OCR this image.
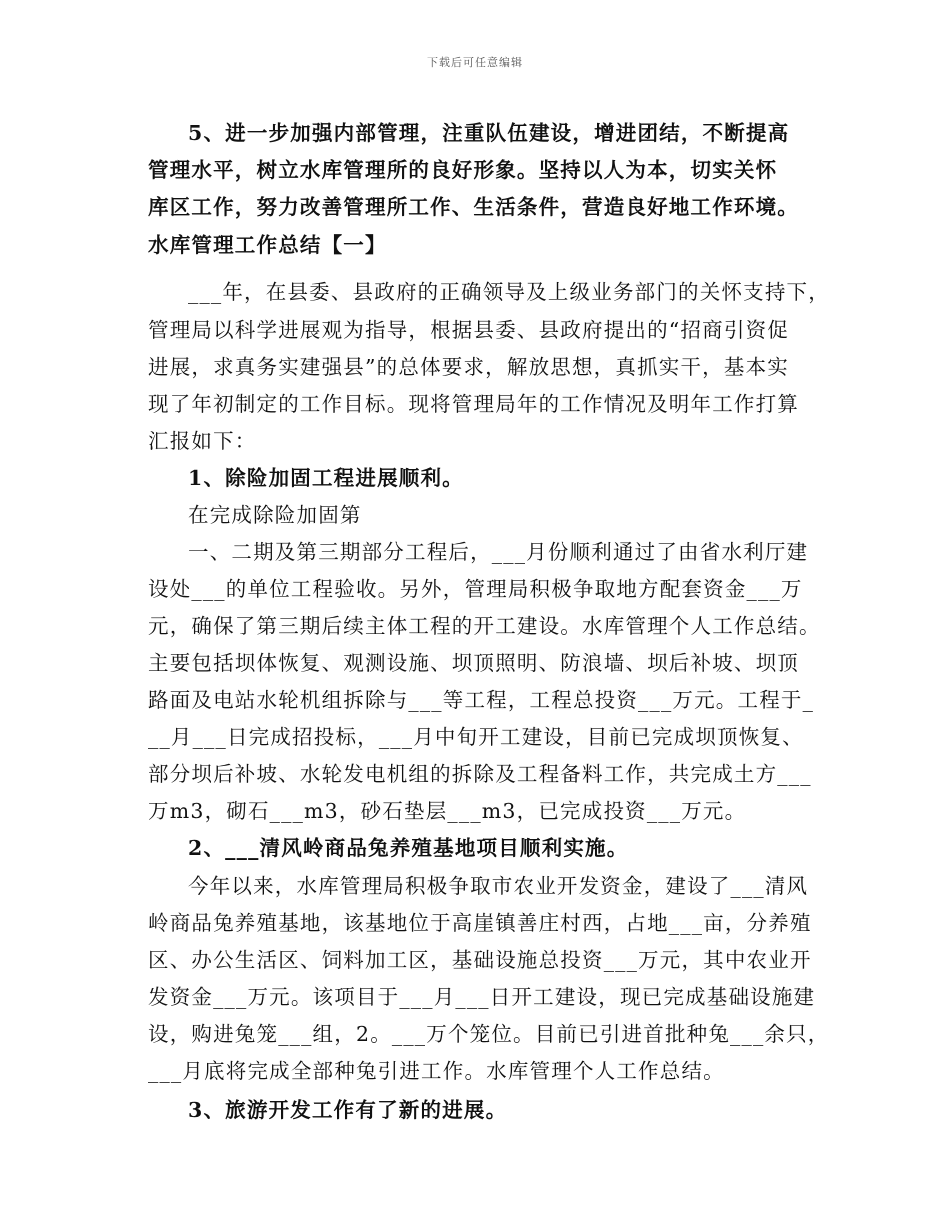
下载后可任意编辑
5、进一步加强内部管理，注重队伍建设，增进团结，不断提高
管理水平，树立水库管理所的良好形象。坚持以人为本，切实关怀
库区工作，努力改善管理所工作、生活条件，营造良好地工作环境。
水库管理工作总结【一】
___年，在县委、县政府的正确领导及上级业务部门的关怀支持下，
管理局以科学进展观为指导，根据县委、县政府提出的“招商引资促
进展，求真务实建强县”的总体要求，解放思想，真抓实干，基本实
现了年初制定的工作目标。现将管理局年的工作情况及明年工作打算
汇报如下：
1、除险加固工程进展顺利。
在完成除险加固第
一、二期及第三期部分工程后，___月份顺利通过了由省水利厅建
设处___的单位工程验收。另外，管理局积极争取地方配套资金___万
元，确保了第三期后续主体工程的开工建设。水库管理个人工作总结。
主要包括坝体恢复、观测设施、坝顶照明、防浪墙、坝后补坡、坝顶
路面及电站水轮机组拆除与___等工程，工程总投资___万元。工程于_
__月___日完成招投标，___月中旬开工建设，目前已完成坝顶恢复、
部分坝后补坡、水轮发电机组的拆除及工程备料工作，共完成土方___
万m3，砌石___m3，砂石垫层___m3，已完成投资___万元。
2、___清风岭商品兔养殖基地项目顺利实施。
今年以来，水库管理局积极争取市农业开发资金，建设了___清风
岭商品兔养殖基地，该基地位于高崖镇善庄村西，占地___亩，分养殖
区、办公生活区、饲料加工区，基础设施总投资___万元，其中农业开
发资金___万元。该项目于___月___日开工建设，现已完成基础设施建
设，购进兔笼___组，2。___万个笼位。目前已引进首批种兔___余只，
___月底将完成全部种兔引进工作。水库管理个人工作总结。
3、旅游开发工作有了新的进展。
